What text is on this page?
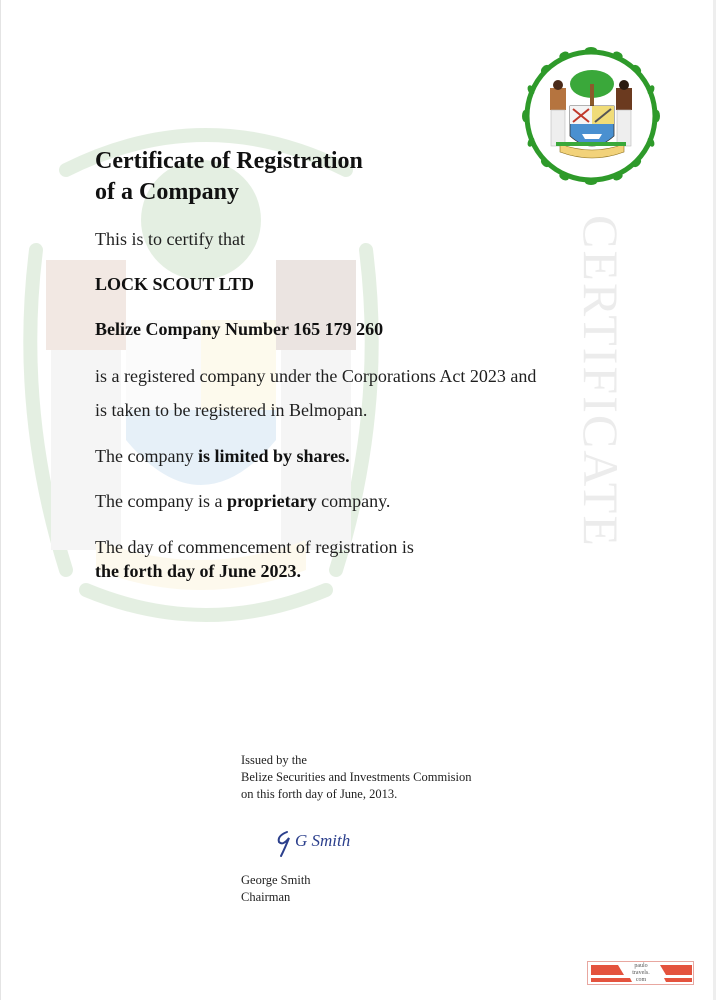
CERTIFICATE
Certificate of Registration
of a Company
This is to certify that
LOCK SCOUT LTD
Belize Company Number 165 179 260
is a registered company under the Corporations Act 2023 and
is taken to be registered in Belmopan.
The company is limited by shares.
The company is a proprietary company.
The day of commencement of registration is
the forth day of June 2023.
Issued by the
Belize Securities and Investments Commision
on this forth day of June, 2013.
G Smith
George Smith
Chairman
paulo
travels.
com
